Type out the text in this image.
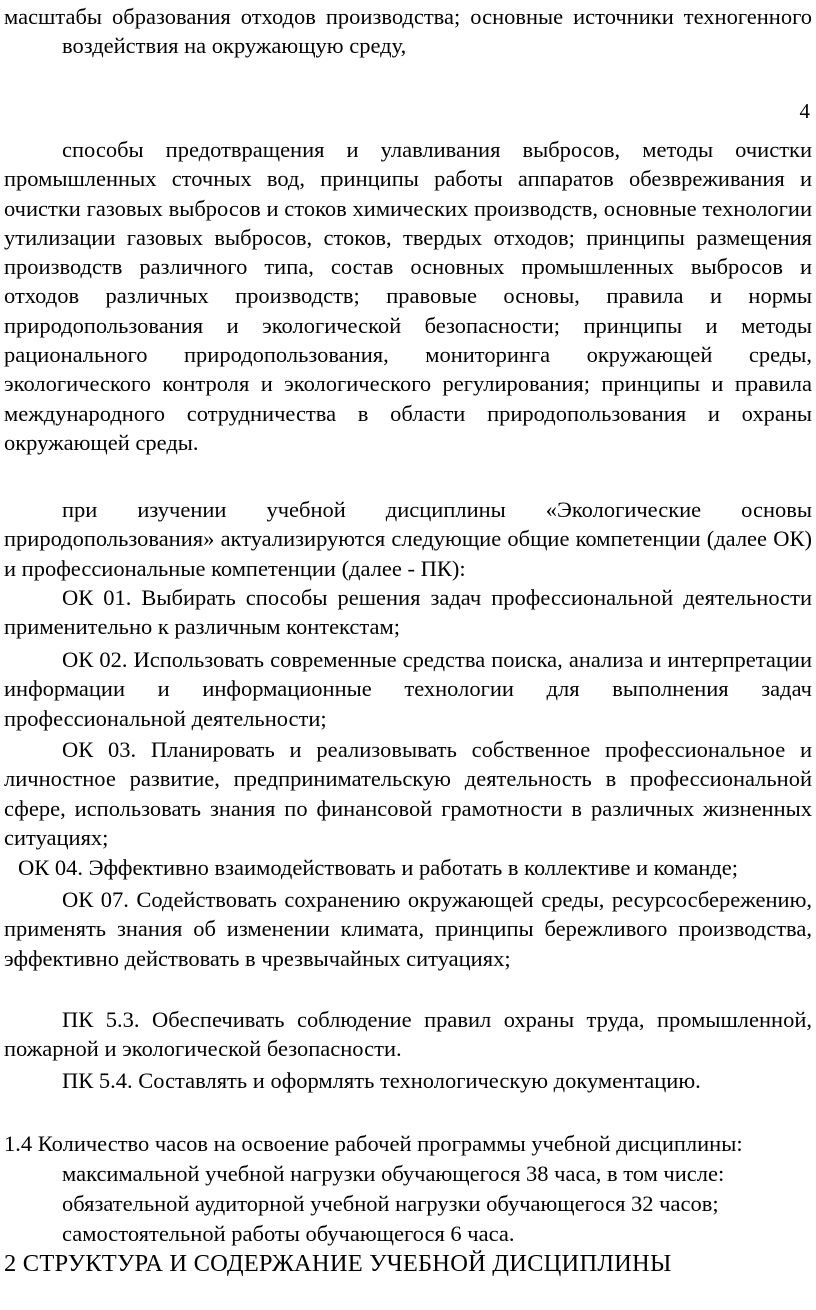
масштабы образования отходов производства; основные источники техногенного воздействия на окружающую среду,

4

способы предотвращения и улавливания выбросов, методы очистки промышленных сточных вод, принципы работы аппаратов обезвреживания и очистки газовых выбросов и стоков химических производств, основные технологии утилизации газовых выбросов, стоков, твердых отходов; принципы размещения производств различного типа, состав основных промышленных выбросов и отходов различных производств; правовые основы, правила и нормы природопользования и экологической безопасности; принципы и методы рационального природопользования, мониторинга окружающей среды, экологического контроля и экологического регулирования; принципы и правила международного сотрудничества в области природопользования и охраны окружающей среды.

при изучении учебной дисциплины «Экологические основы природопользования» актуализируются следующие общие компетенции (далее ОК) и профессиональные компетенции (далее - ПК):

ОК 01. Выбирать способы решения задач профессиональной деятельности применительно к различным контекстам;

ОК 02. Использовать современные средства поиска, анализа и интерпретации информации и информационные технологии для выполнения задач профессиональной деятельности;

ОК 03. Планировать и реализовывать собственное профессиональное и личностное развитие, предпринимательскую деятельность в профессиональной сфере, использовать знания по финансовой грамотности в различных жизненных ситуациях;

ОК 04. Эффективно взаимодействовать и работать в коллективе и команде;

ОК 07. Содействовать сохранению окружающей среды, ресурсосбережению, применять знания об изменении климата, принципы бережливого производства, эффективно действовать в чрезвычайных ситуациях;

ПК 5.3. Обеспечивать соблюдение правил охраны труда, промышленной, пожарной и экологической безопасности.

ПК 5.4. Составлять и оформлять технологическую документацию.

1.4 Количество часов на освоение рабочей программы учебной дисциплины:
максимальной учебной нагрузки обучающегося 38 часа, в том числе:
обязательной аудиторной учебной нагрузки обучающегося 32 часов;
самостоятельной работы обучающегося 6 часа.
2 СТРУКТУРА И СОДЕРЖАНИЕ УЧЕБНОЙ ДИСЦИПЛИНЫ
